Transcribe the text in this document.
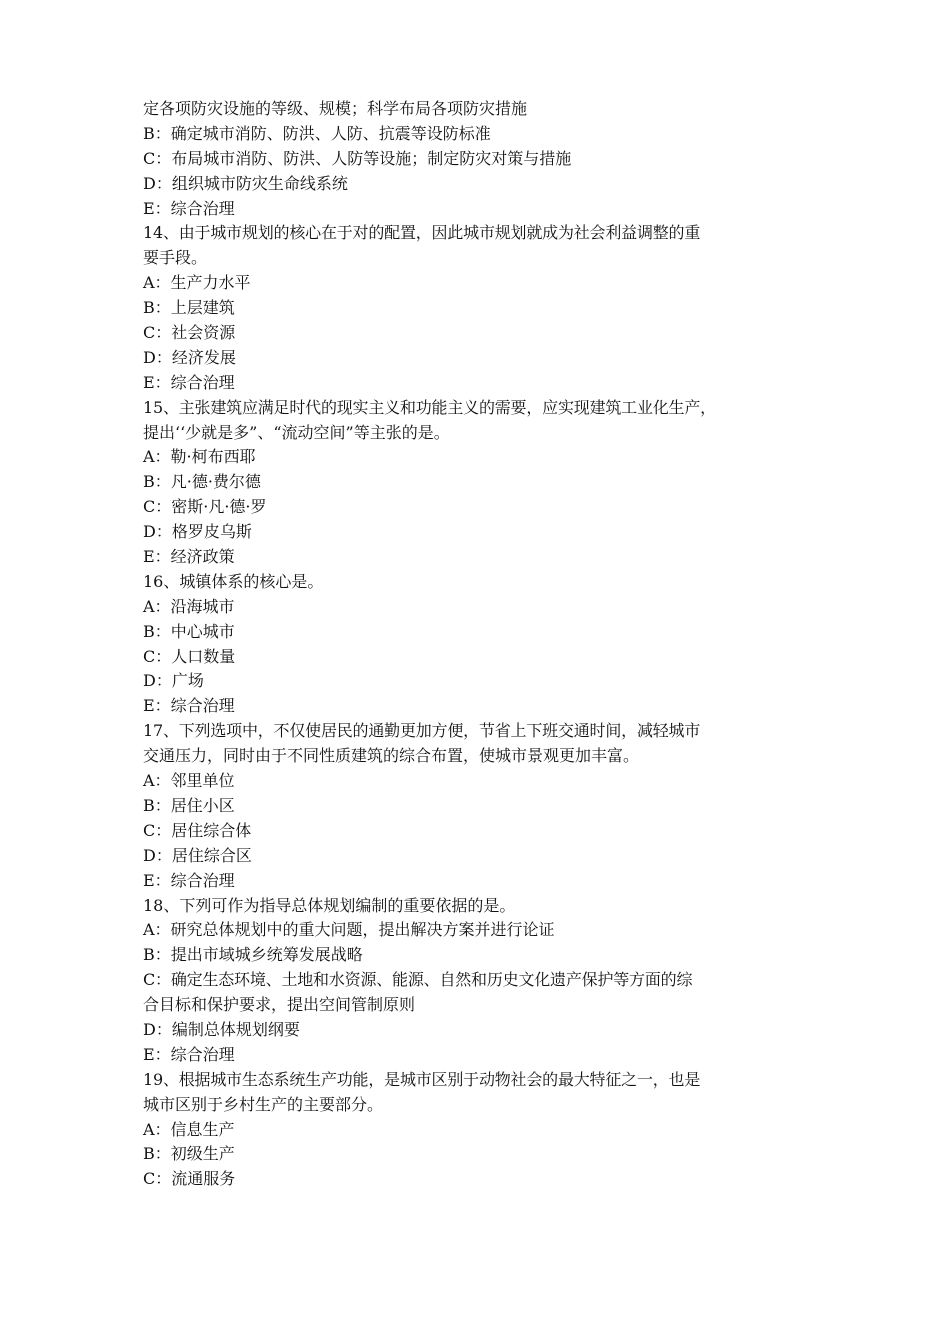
定各项防灾设施的等级、规模；科学布局各项防灾措施
B：确定城市消防、防洪、人防、抗震等设防标准
C：布局城市消防、防洪、人防等设施；制定防灾对策与措施
D：组织城市防灾生命线系统
E：综合治理
14、由于城市规划的核心在于对的配置，因此城市规划就成为社会利益调整的重
要手段。
A：生产力水平
B：上层建筑
C：社会资源
D：经济发展
E：综合治理
15、主张建筑应满足时代的现实主义和功能主义的需要，应实现建筑工业化生产，
提出‘‘少就是多”、“流动空间”等主张的是。
A：勒·柯布西耶
B：凡·德·费尔德
C：密斯·凡·德·罗
D：格罗皮乌斯
E：经济政策
16、城镇体系的核心是。
A：沿海城市
B：中心城市
C：人口数量
D：广场
E：综合治理
17、下列选项中，不仅使居民的通勤更加方便，节省上下班交通时间，减轻城市
交通压力，同时由于不同性质建筑的综合布置，使城市景观更加丰富。
A：邻里单位
B：居住小区
C：居住综合体
D：居住综合区
E：综合治理
18、下列可作为指导总体规划编制的重要依据的是。
A：研究总体规划中的重大问题，提出解决方案并进行论证
B：提出市域城乡统筹发展战略
C：确定生态环境、土地和水资源、能源、自然和历史文化遗产保护等方面的综
合目标和保护要求，提出空间管制原则
D：编制总体规划纲要
E：综合治理
19、根据城市生态系统生产功能，是城市区别于动物社会的最大特征之一，也是
城市区别于乡村生产的主要部分。
A：信息生产
B：初级生产
C：流通服务
